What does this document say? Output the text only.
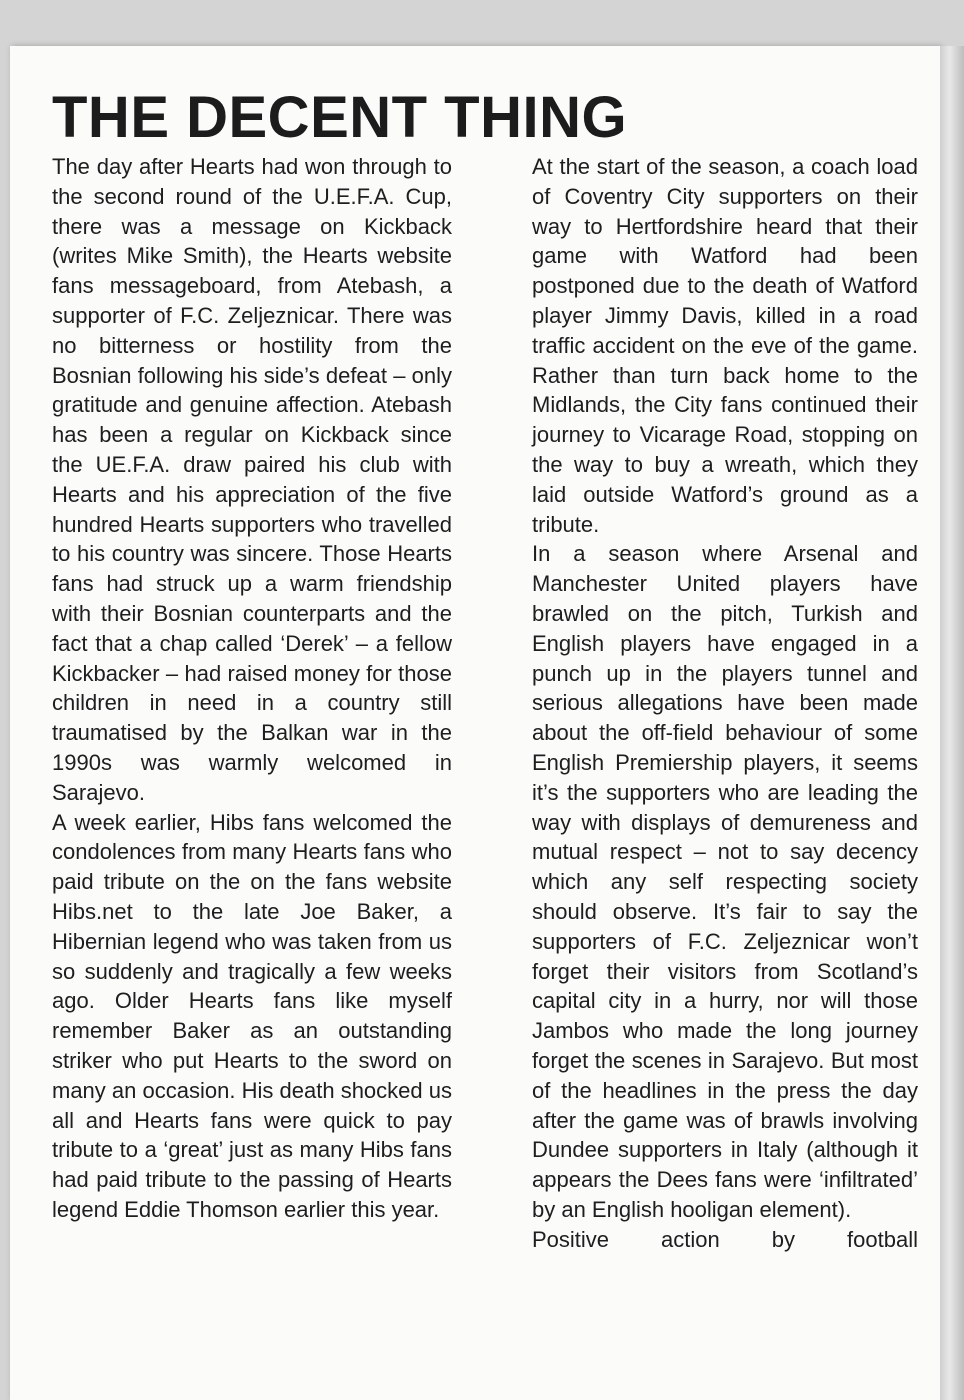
THE DECENT THING

The day after Hearts had won through to the second round of the U.E.F.A. Cup, there was a message on Kickback (writes Mike Smith), the Hearts website fans messageboard, from Atebash, a supporter of F.C. Zeljeznicar. There was no bitterness or hostility from the Bosnian following his side’s defeat – only gratitude and genuine affection. Atebash has been a regular on Kickback since the UE.F.A. draw paired his club with Hearts and his appreciation of the five hundred Hearts supporters who travelled to his country was sincere. Those Hearts fans had struck up a warm friendship with their Bosnian counterparts and the fact that a chap called ‘Derek’ – a fellow Kickbacker – had raised money for those children in need in a country still traumatised by the Balkan war in the 1990s was warmly welcomed in Sarajevo.

A week earlier, Hibs fans welcomed the condolences from many Hearts fans who paid tribute on the on the fans website Hibs.net to the late Joe Baker, a Hibernian legend who was taken from us so suddenly and tragically a few weeks ago. Older Hearts fans like myself remember Baker as an outstanding striker who put Hearts to the sword on many an occasion. His death shocked us all and Hearts fans were quick to pay tribute to a ‘great’ just as many Hibs fans had paid tribute to the passing of Hearts legend Eddie Thomson earlier this year.

At the start of the season, a coach load of Coventry City supporters on their way to Hertfordshire heard that their game with Watford had been postponed due to the death of Watford player Jimmy Davis, killed in a road traffic accident on the eve of the game. Rather than turn back home to the Midlands, the City fans continued their journey to Vicarage Road, stopping on the way to buy a wreath, which they laid outside Watford’s ground as a tribute.

In a season where Arsenal and Manchester United players have brawled on the pitch, Turkish and English players have engaged in a punch up in the players tunnel and serious allegations have been made about the off-field behaviour of some English Premiership players, it seems it’s the supporters who are leading the way with displays of demureness and mutual respect – not to say decency which any self respecting society should observe. It’s fair to say the supporters of F.C. Zeljeznicar won’t forget their visitors from Scotland’s capital city in a hurry, nor will those Jambos who made the long journey forget the scenes in Sarajevo. But most of the headlines in the press the day after the game was of brawls involving Dundee supporters in Italy (although it appears the Dees fans were ‘infiltrated’ by an English hooligan element).

Positive action by football
